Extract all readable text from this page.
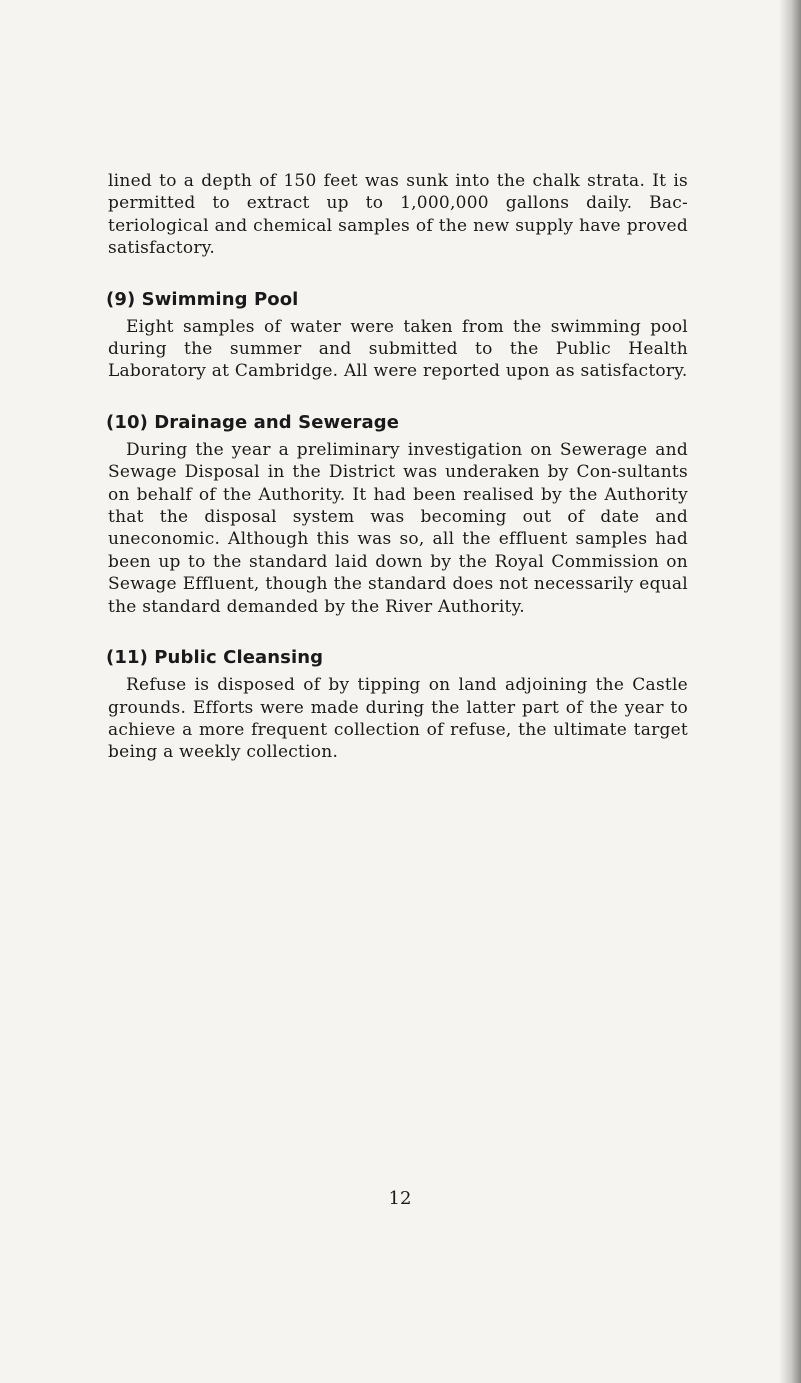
lined to a depth of 150 feet was sunk into the chalk strata. It is permitted to extract up to 1,000,000 gallons daily. Bac-teriological and chemical samples of the new supply have proved satisfactory.

(9) Swimming Pool

Eight samples of water were taken from the swimming pool during the summer and submitted to the Public Health Laboratory at Cambridge. All were reported upon as satisfactory.

(10) Drainage and Sewerage

During the year a preliminary investigation on Sewerage and Sewage Disposal in the District was underaken by Con-sultants on behalf of the Authority. It had been realised by the Authority that the disposal system was becoming out of date and uneconomic. Although this was so, all the effluent samples had been up to the standard laid down by the Royal Commission on Sewage Effluent, though the standard does not necessarily equal the standard demanded by the River Authority.

(11) Public Cleansing

Refuse is disposed of by tipping on land adjoining the Castle grounds. Efforts were made during the latter part of the year to achieve a more frequent collection of refuse, the ultimate target being a weekly collection.

12
